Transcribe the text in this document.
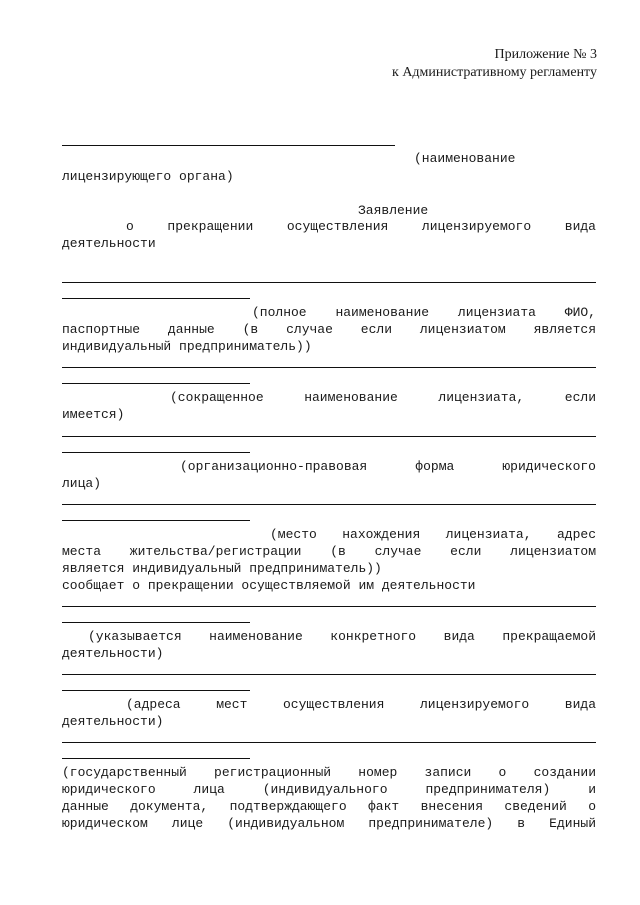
Приложение № 3
к Административному регламенту
(наименование
лицензирующего органа)
Заявление
о прекращении осуществления лицензируемого вида
деятельности
(полное наименование лицензиата ФИО,
паспортные данные (в случае если лицензиатом является
индивидуальный предприниматель))
(сокращенное наименование лицензиата, если
имеется)
(организационно-правовая форма юридического
лица)
(место нахождения лицензиата, адрес
места жительства/регистрации (в случае если лицензиатом
является индивидуальный предприниматель))
сообщает о прекращении осуществляемой им деятельности
(указывается наименование конкретного вида прекращаемой
деятельности)
(адреса мест осуществления лицензируемого вида
деятельности)
(государственный регистрационный номер записи о создании
юридического лица (индивидуального предпринимателя) и
данные документа, подтверждающего факт внесения сведений о
юридическом лице (индивидуальном предпринимателе) в Единый
